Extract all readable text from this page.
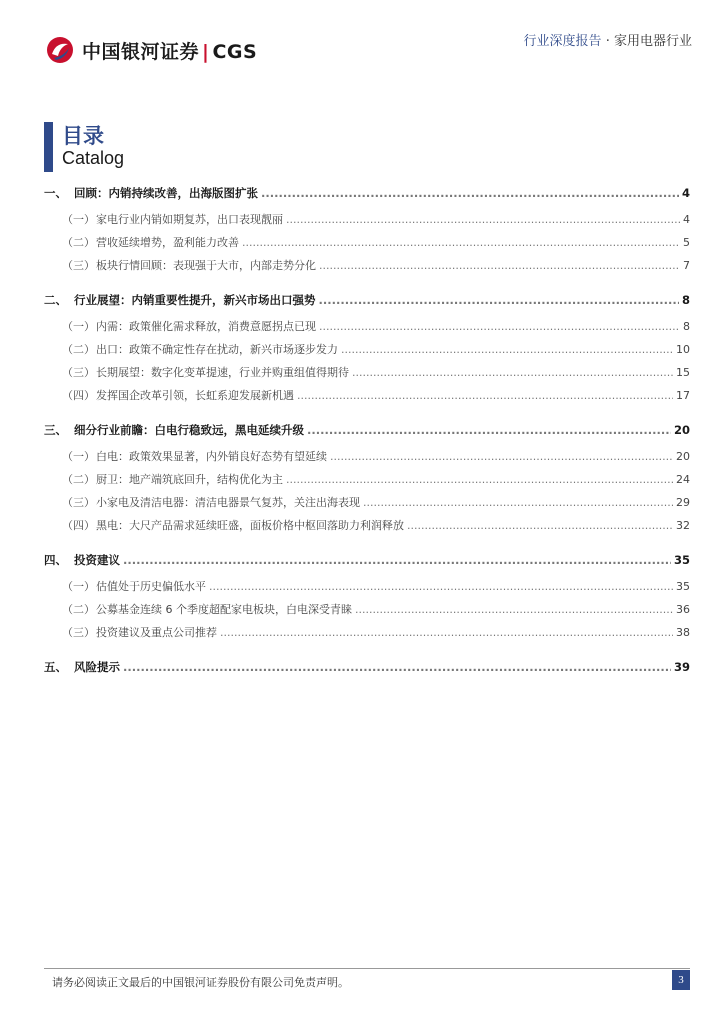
中国银河证券 | CGS	行业深度报告 · 家用电器行业
目录
Catalog
一、 回顾：内销持续改善，出海版图扩张 .....	4
（一） 家电行业内销如期复苏，出口表现靓丽 .....	4
（二） 营收延续增势，盈利能力改善 .....	5
（三） 板块行情回顾：表现强于大市，内部走势分化 .....	7
二、 行业展望：内销重要性提升，新兴市场出口强势 .....	8
（一） 内需：政策催化需求释放，消费意愿拐点已现 .....	8
（二） 出口：政策不确定性存在扰动，新兴市场逐步发力 .....	10
（三） 长期展望：数字化变革提速，行业并购重组值得期待 .....	15
（四） 发挥国企改革引领，长虹系迎发展新机遇 .....	17
三、 细分行业前瞻：白电行稳致远，黑电延续升级 .....	20
（一） 白电：政策效果显著，内外销良好态势有望延续 .....	20
（二） 厨卫：地产端筑底回升，结构优化为主 .....	24
（三） 小家电及清洁电器：清洁电器景气复苏，关注出海表现 .....	29
（四） 黑电：大尺产品需求延续旺盛，面板价格中枢回落助力利润释放 .....	32
四、 投资建议 .....	35
（一） 估值处于历史偏低水平 .....	35
（二） 公募基金连续 6 个季度超配家电板块，白电深受青睐 .....	36
（三） 投资建议及重点公司推荐 .....	38
五、 风险提示 .....	39
请务必阅读正文最后的中国银河证券股份有限公司免责声明。	3
